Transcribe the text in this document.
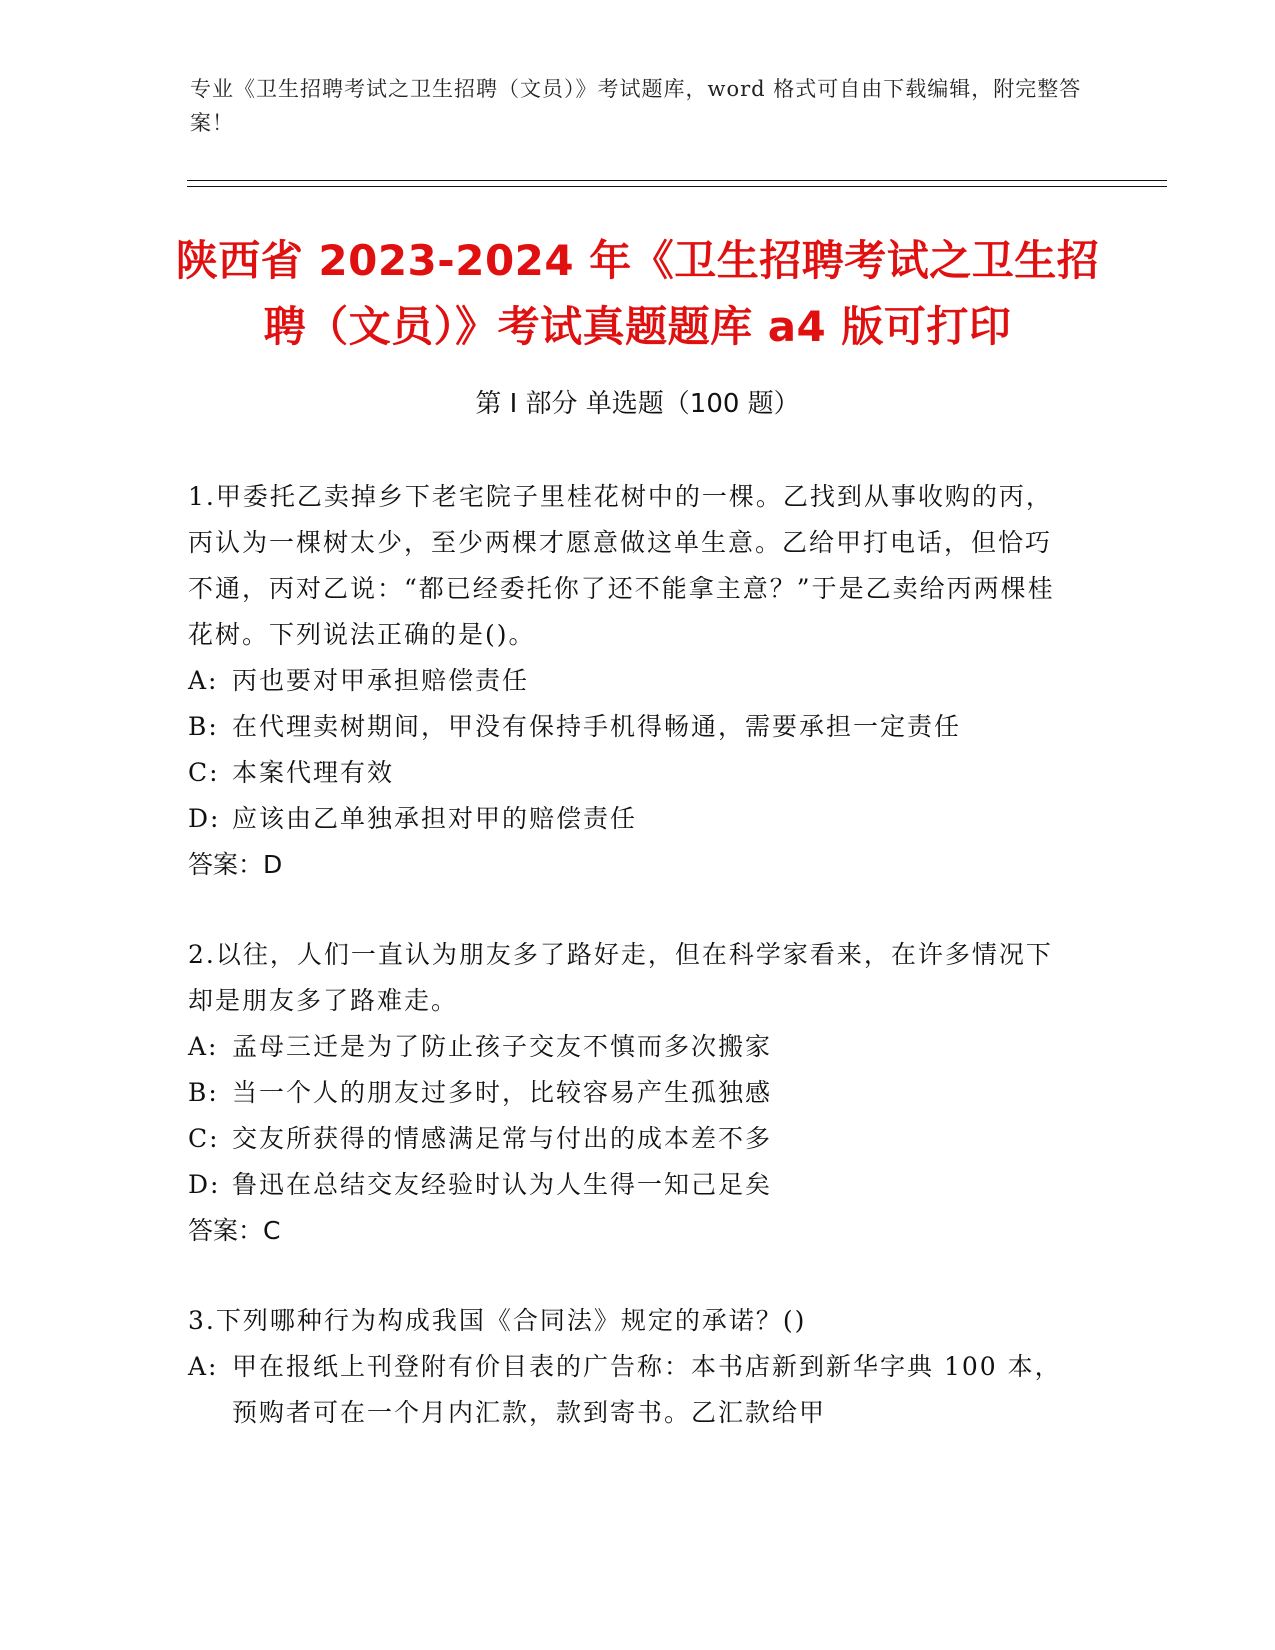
专业《卫生招聘考试之卫生招聘（文员）》考试题库，word 格式可自由下载编辑，附完整答案！
陕西省 2023-2024 年《卫生招聘考试之卫生招聘（文员）》考试真题题库 a4 版可打印
第 I 部分 单选题（100 题）

1.甲委托乙卖掉乡下老宅院子里桂花树中的一棵。乙找到从事收购的丙，丙认为一棵树太少，至少两棵才愿意做这单生意。乙给甲打电话，但恰巧不通，丙对乙说：“都已经委托你了还不能拿主意？”于是乙卖给丙两棵桂花树。下列说法正确的是()。

A: 丙也要对甲承担赔偿责任

B: 在代理卖树期间，甲没有保持手机得畅通，需要承担一定责任

C: 本案代理有效

D: 应该由乙单独承担对甲的赔偿责任

答案：D

2.以往，人们一直认为朋友多了路好走，但在科学家看来，在许多情况下却是朋友多了路难走。

A: 孟母三迁是为了防止孩子交友不慎而多次搬家

B: 当一个人的朋友过多时，比较容易产生孤独感

C: 交友所获得的情感满足常与付出的成本差不多

D: 鲁迅在总结交友经验时认为人生得一知己足矣

答案：C

3.下列哪种行为构成我国《合同法》规定的承诺？()

A: 甲在报纸上刊登附有价目表的广告称：本书店新到新华字典 100 本，预购者可在一个月内汇款，款到寄书。乙汇款给甲
